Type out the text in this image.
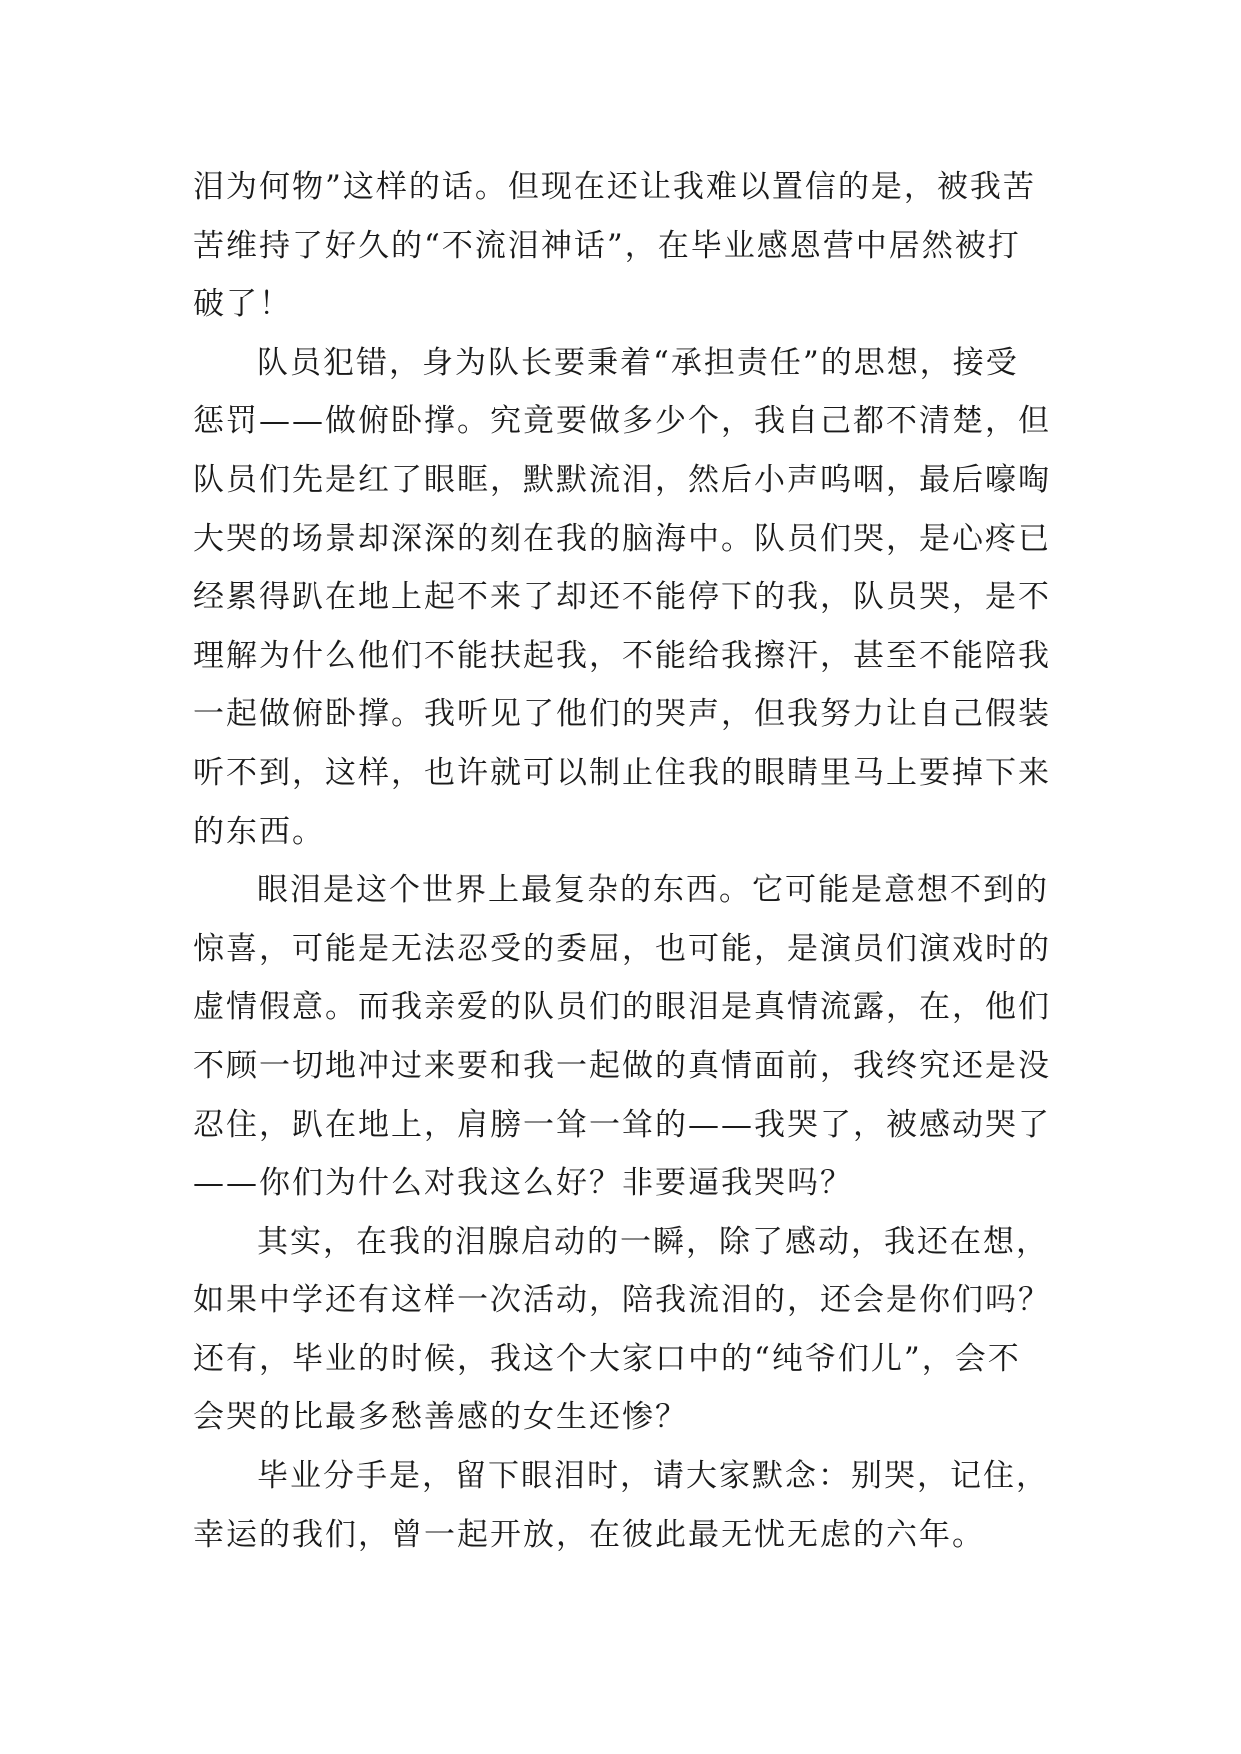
泪为何物”这样的话。但现在还让我难以置信的是，被我苦
苦维持了好久的“不流泪神话”，在毕业感恩营中居然被打
破了！
队员犯错，身为队长要秉着“承担责任”的思想，接受
惩罚——做俯卧撑。究竟要做多少个，我自己都不清楚，但
队员们先是红了眼眶，默默流泪，然后小声呜咽，最后嚎啕
大哭的场景却深深的刻在我的脑海中。队员们哭，是心疼已
经累得趴在地上起不来了却还不能停下的我，队员哭，是不
理解为什么他们不能扶起我，不能给我擦汗，甚至不能陪我
一起做俯卧撑。我听见了他们的哭声，但我努力让自己假装
听不到，这样，也许就可以制止住我的眼睛里马上要掉下来
的东西。
眼泪是这个世界上最复杂的东西。它可能是意想不到的
惊喜，可能是无法忍受的委屈，也可能，是演员们演戏时的
虚情假意。而我亲爱的队员们的眼泪是真情流露，在，他们
不顾一切地冲过来要和我一起做的真情面前，我终究还是没
忍住，趴在地上，肩膀一耸一耸的——我哭了，被感动哭了
——你们为什么对我这么好？非要逼我哭吗？
其实，在我的泪腺启动的一瞬，除了感动，我还在想，
如果中学还有这样一次活动，陪我流泪的，还会是你们吗？
还有，毕业的时候，我这个大家口中的“纯爷们儿”，会不
会哭的比最多愁善感的女生还惨？
毕业分手是，留下眼泪时，请大家默念：别哭，记住，
幸运的我们，曾一起开放，在彼此最无忧无虑的六年。
